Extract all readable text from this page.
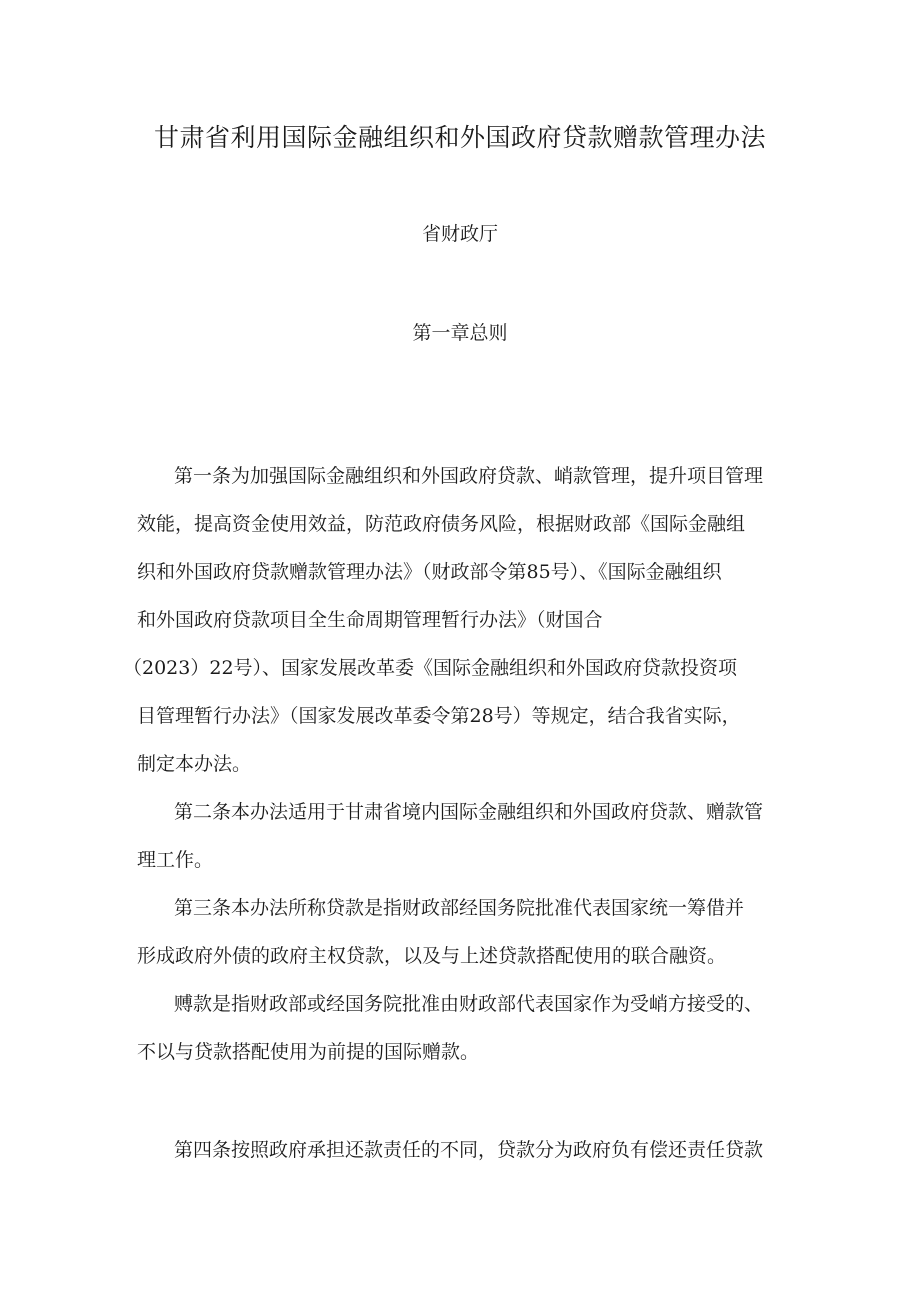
甘肃省利用国际金融组织和外国政府贷款赠款管理办法
省财政厅
第一章总则
第一条为加强国际金融组织和外国政府贷款、峭款管理，提升项目管理
效能，提高资金使用效益，防范政府债务风险，根据财政部《国际金融组
织和外国政府贷款赠款管理办法》（财政部令第85号）、《国际金融组织
和外国政府贷款项目全生命周期管理暂行办法》（财国合
（2023）22号）、国家发展改革委《国际金融组织和外国政府贷款投资项
目管理暂行办法》（国家发展改革委令第28号）等规定，结合我省实际，
制定本办法。
第二条本办法适用于甘肃省境内国际金融组织和外国政府贷款、赠款管
理工作。
第三条本办法所称贷款是指财政部经国务院批准代表国家统一筹借并
形成政府外债的政府主权贷款，以及与上述贷款搭配使用的联合融资。
赙款是指财政部或经国务院批准由财政部代表国家作为受峭方接受的、
不以与贷款搭配使用为前提的国际赠款。
第四条按照政府承担还款责任的不同，贷款分为政府负有偿还责任贷款
